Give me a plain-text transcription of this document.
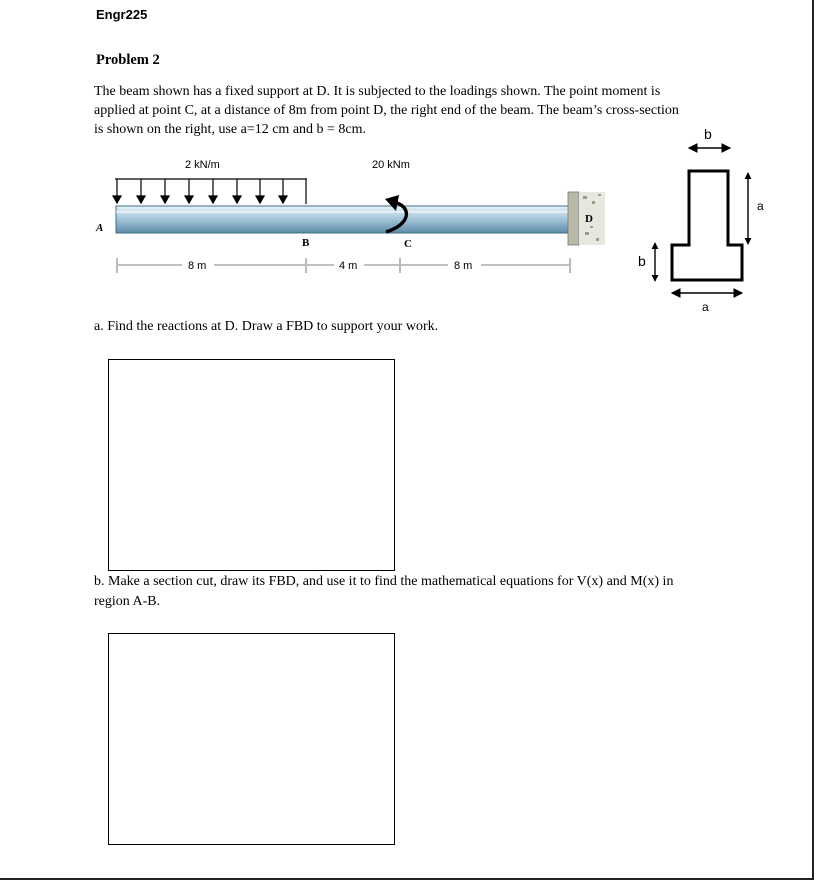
Engr225
Problem 2

The beam shown has a fixed support at D. It is subjected to the loadings shown. The point moment is
applied at point C, at a distance of 8m from point D, the right end of the beam. The beam’s cross-section
is shown on the right, use a=12 cm and b = 8cm.

2 kN/m	20 kNm
A
B	C
D
8 m	4 m	8 m
b
a
b
a
a. Find the reactions at D. Draw a FBD to support your work.
b. Make a section cut, draw its FBD, and use it to find the mathematical equations for V(x) and M(x) in
region A-B.
